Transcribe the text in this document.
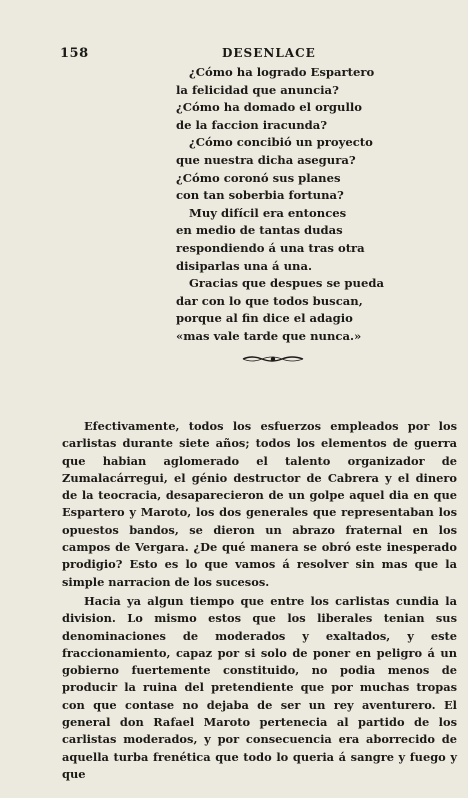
158	DESENLACE
¿Cómo ha logrado Espartero
la felicidad que anuncia?
¿Cómo ha domado el orgullo
de la faccion iracunda?
¿Cómo concibió un proyecto
que nuestra dicha asegura?
¿Cómo coronó sus planes
con tan soberbia fortuna?
Muy difícil era entonces
en medio de tantas dudas
respondiendo á una tras otra
disiparlas una á una.
Gracias que despues se pueda
dar con lo que todos buscan,
porque al fin dice el adagio
«mas vale tarde que nunca.»

Efectivamente, todos los esfuerzos empleados por los carlistas durante siete años; todos los elementos de guerra que habian aglomerado el talento organizador de Zumalacárregui, el génio destructor de Cabrera y el dinero de la teocracia, desaparecieron de un golpe aquel dia en que Espartero y Maroto, los dos generales que representaban los opuestos bandos, se dieron un abrazo fraternal en los campos de Vergara. ¿De qué manera se obró este inesperado prodigio? Esto es lo que vamos á resolver sin mas que la simple narracion de los sucesos.

Hacia ya algun tiempo que entre los carlistas cundia la division. Lo mismo estos que los liberales tenian sus denominaciones de moderados y exaltados, y este fraccionamiento, capaz por si solo de poner en peligro á un gobierno fuertemente constituido, no podia menos de producir la ruina del pretendiente que por muchas tropas con que contase no dejaba de ser un rey aventurero. El general don Rafael Maroto pertenecia al partido de los carlistas moderados, y por consecuencia era aborrecido de aquella turba frenética que todo lo queria á sangre y fuego y que
